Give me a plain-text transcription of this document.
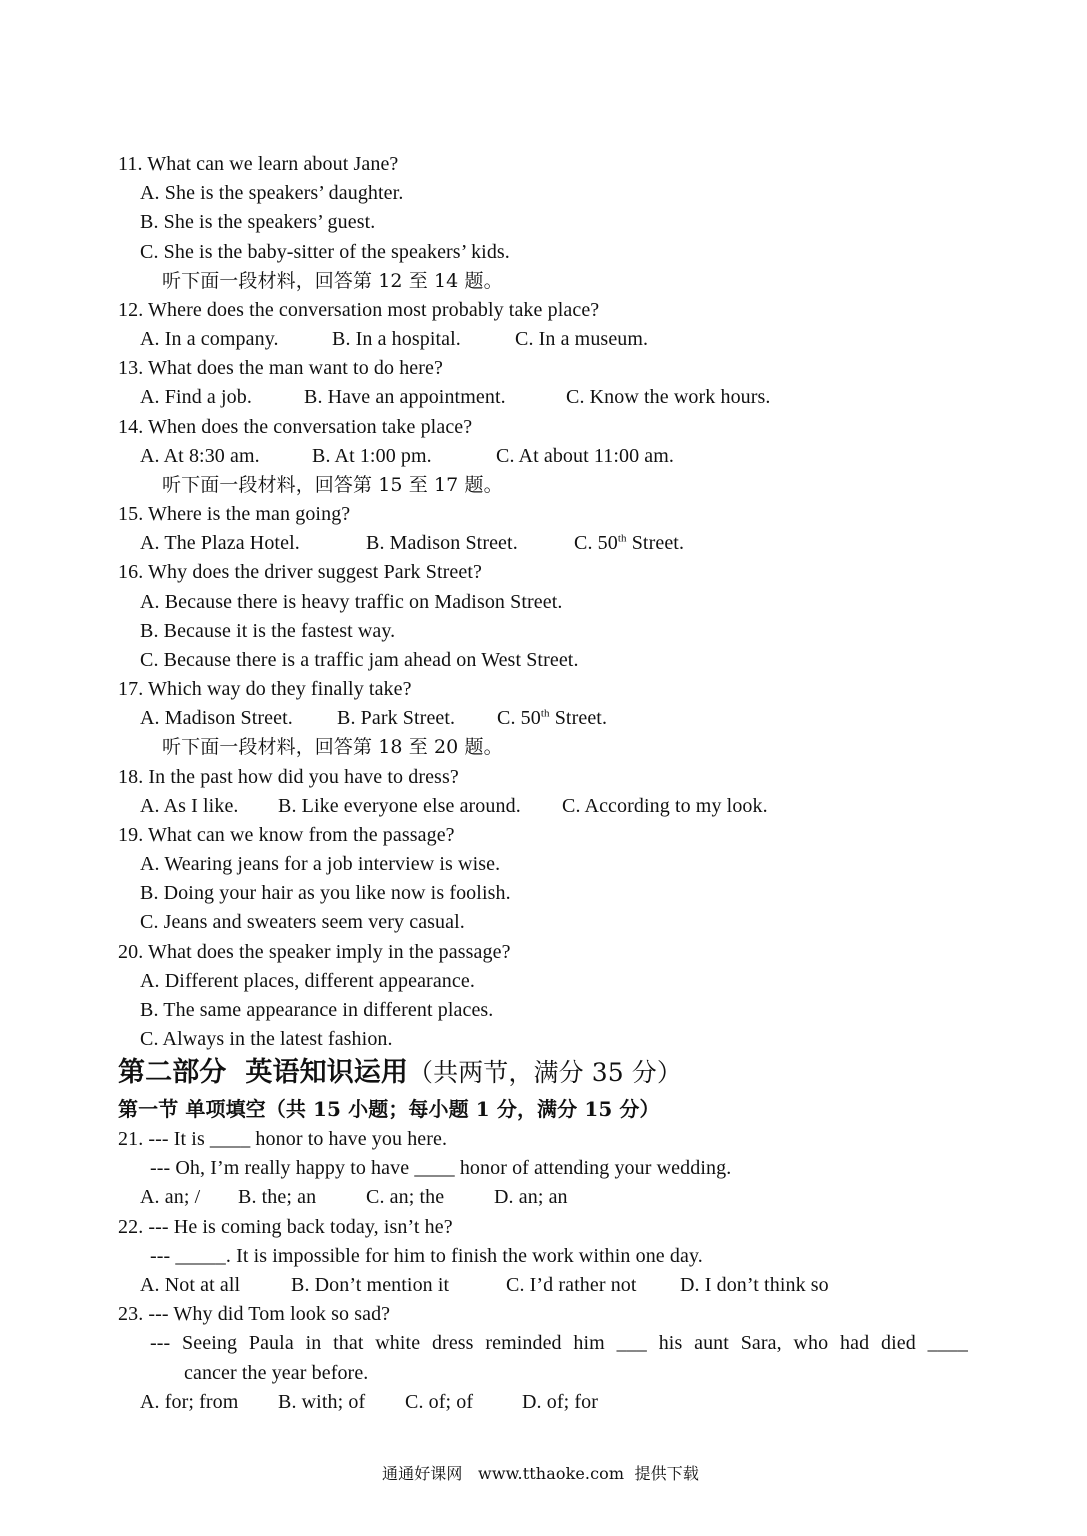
11. What can we learn about Jane?
A. She is the speakers’ daughter.
B. She is the speakers’ guest.
C. She is the baby-sitter of the speakers’ kids.
听下面一段材料，回答第 12 至 14 题。
12. Where does the conversation most probably take place?
A. In a company.	B. In a hospital.	C. In a museum.
13. What does the man want to do here?
A. Find a job.	B. Have an appointment.	C. Know the work hours.
14. When does the conversation take place?
A. At 8:30 am.	B. At 1:00 pm.	C. At about 11:00 am.
听下面一段材料，回答第 15 至 17 题。
15. Where is the man going?
A. The Plaza Hotel.	B. Madison Street.	C. 50th Street.
16. Why does the driver suggest Park Street?
A. Because there is heavy traffic on Madison Street.
B. Because it is the fastest way.
C. Because there is a traffic jam ahead on West Street.
17. Which way do they finally take?
A. Madison Street. B. Park Street. C. 50th Street.
听下面一段材料，回答第 18 至 20 题。
18. In the past how did you have to dress?
A. As I like. B. Like everyone else around. C. According to my look.
19. What can we know from the passage?
A. Wearing jeans for a job interview is wise.
B. Doing your hair as you like now is foolish.
C. Jeans and sweaters seem very casual.
20. What does the speaker imply in the passage?
A. Different places, different appearance.
B. The same appearance in different places.
C. Always in the latest fashion.
第二部分  英语知识运用（共两节，满分 35 分）
第一节 单项填空（共 15 小题；每小题 1 分，满分 15 分）
21. --- It is ____ honor to have you here.
--- Oh, I’m really happy to have ____ honor of attending your wedding.
A. an; / B. the; an C. an; the D. an; an
22. --- He is coming back today, isn’t he?
--- _____. It is impossible for him to finish the work within one day.
A. Not at all	B. Don’t mention it	C. I’d rather not D. I don’t think so
23. --- Why did Tom look so sad?
--- Seeing Paula in that white dress reminded him ___ his aunt Sara, who had died ____
cancer the year before.
A. for; from B. with; of C. of; of D. of; for
通通好课网   www.tthaoke.com  提供下载
